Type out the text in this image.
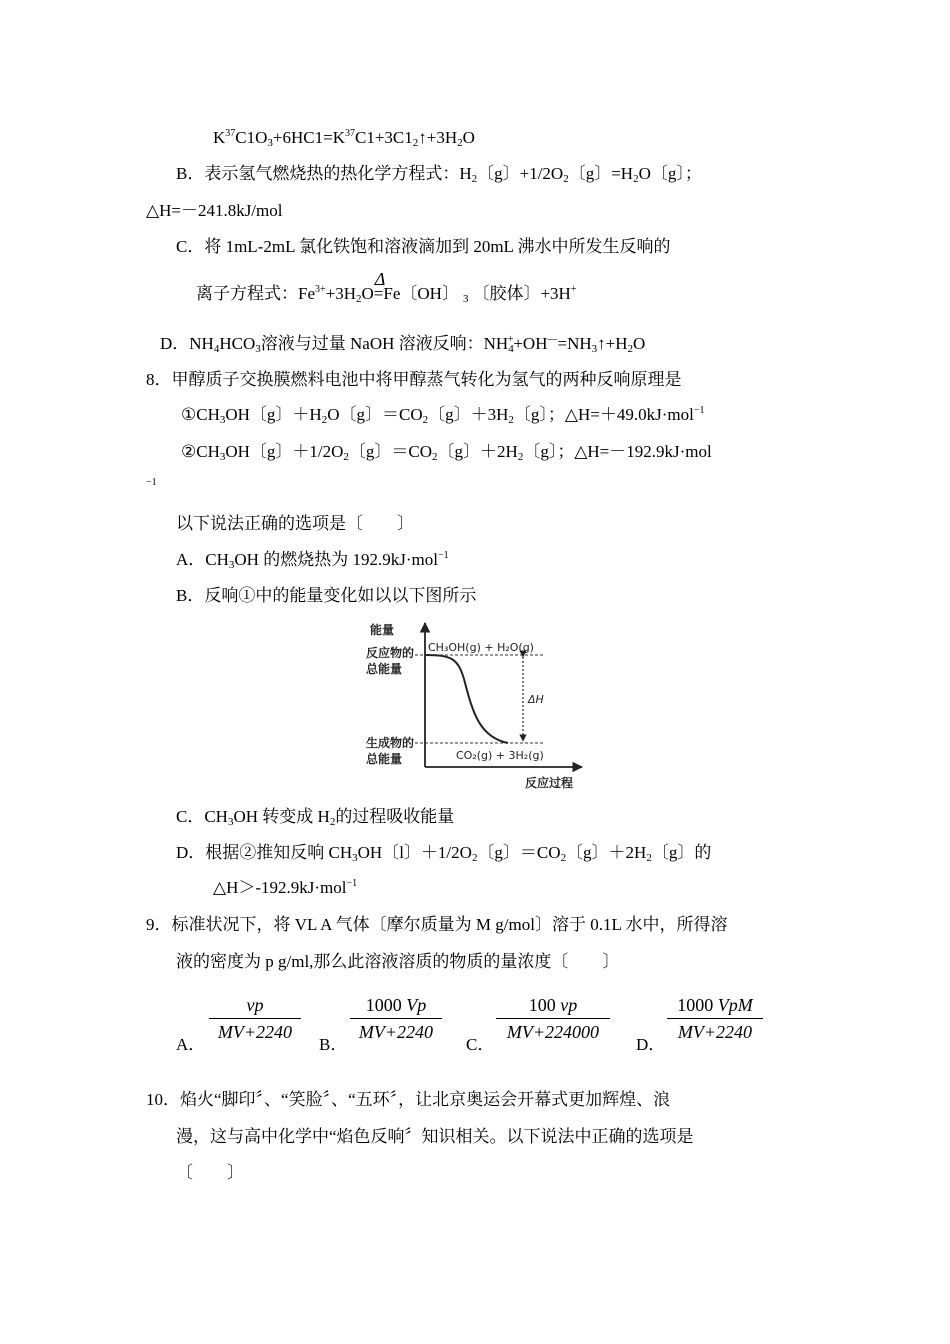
$K^{37}C1O_3+6HC1=K^{37}C1+3C1_2↑+3H_2O$
B．表示氢气燃烧热的热化学方程式：$H_2$〔g〕$+1/2O_2$〔g〕$=H_2O$〔g〕；
△H=－241.8kJ/mol
C．将 1mL-2mL 氯化铁饱和溶液滴加到 20mL 沸水中所发生反响的
离子方程式：$Fe^{3+}+3H_2O$
Δ
=Fe〔OH〕 $_3$ 〔胶体〕+3H+
D．$NH_4HCO_3$溶液与过量 NaOH 溶液反响：$NH_4^++OH^—=NH_3↑+H_2O$
8．甲醇质子交换膜燃料电池中将甲醇蒸气转化为氢气的两种反响原理是
$①CH_3OH$〔g〕$+H_2O$〔g〕$=CO_2$〔g〕$+3H_2$〔g〕；△H=＋49.0kJ·mol$^{-1}$
$②CH_3OH$〔g〕$+1/2O_2$〔g〕$=CO_2$〔g〕$+2H_2$〔g〕；△H=－192.9kJ·mol
−1
以下说法正确的选项是〔　　〕
A．$CH_3OH$ 的燃烧热为 192.9kJ·mol$^{-1}$
B．反响①中的能量变化如以以下图所示
能量
反应物的
总能量
生成物的
总能量
反应过程
CH₃OH(g) + H₂O(g)
CO₂(g) + 3H₂(g)
ΔH
C．$CH_3OH$ 转变成 $H_2$的过程吸收能量
D．根据②推知反响 $CH_3OH$〔l〕$+1/2O_2$〔g〕$=CO_2$〔g〕$+2H_2$〔g〕的
△H＞-192.9kJ·mol$^{-1}$
9．标准状况下，将 VL A 气体〔摩尔质量为 M g/mol〕溶于 0.1L 水中，所得溶
液的密度为 p g/ml,那么此溶液溶质的物质的量浓度〔　　〕
A．
$\frac{vp}{MV+2240}$
B．
$\frac{1000 Vp}{MV+2240}$
C．
$\frac{100 vp}{MV+224000}$
D．
1000 VpM
MV+2240
10．焰火“脚印〞、“笑脸〞、“五环〞，让北京奥运会开幕式更加辉煌、浪
漫，这与高中化学中“焰色反响〞知识相关。以下说法中正确的选项是
〔　　〕
